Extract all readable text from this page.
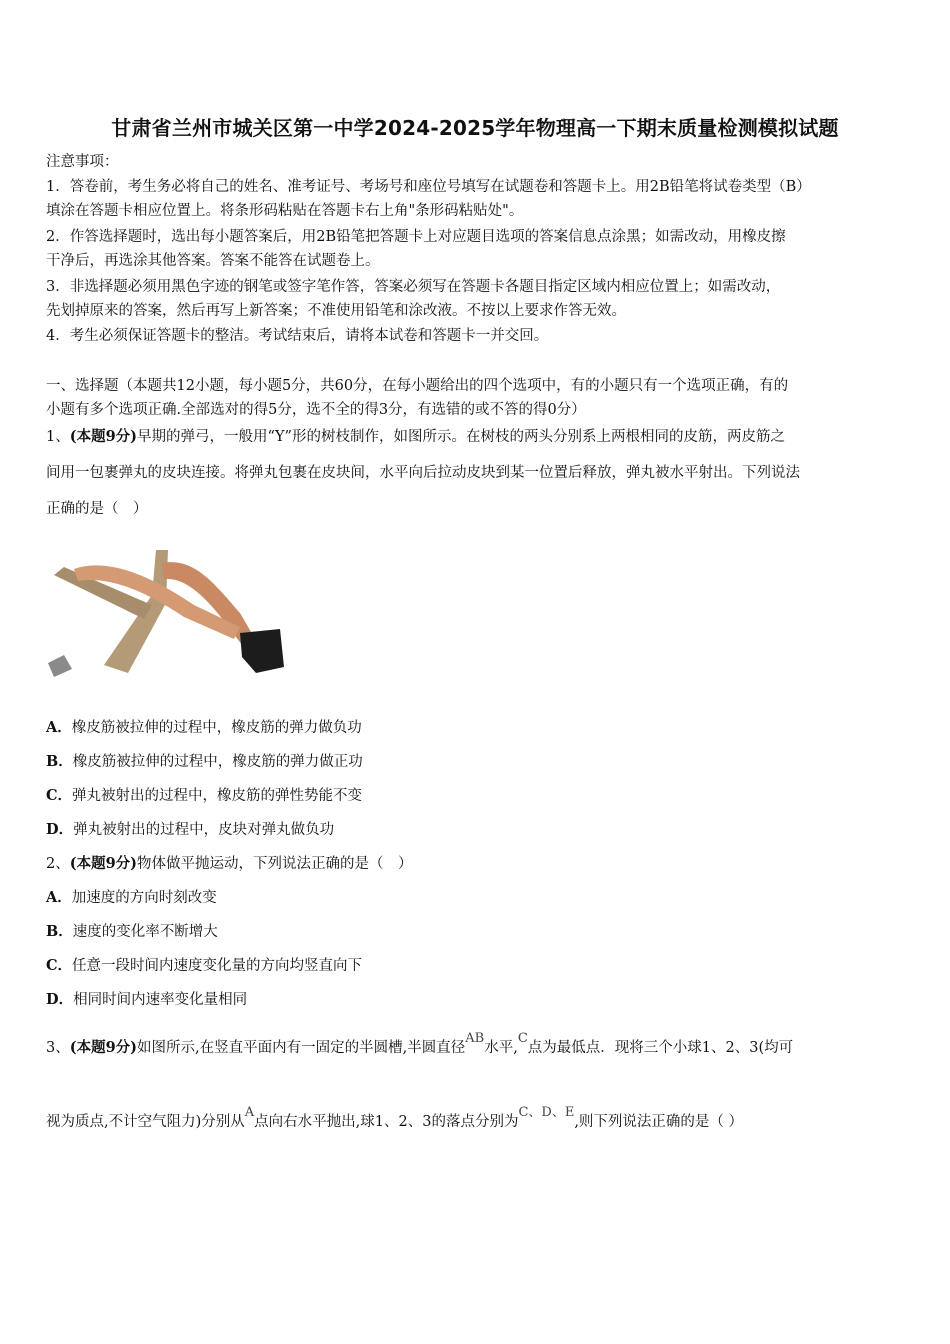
甘肃省兰州市城关区第一中学2024-2025学年物理高一下期末质量检测模拟试题
注意事项：
1．答卷前，考生务必将自己的姓名、准考证号、考场号和座位号填写在试题卷和答题卡上。用2B铅笔将试卷类型（B）
填涂在答题卡相应位置上。将条形码粘贴在答题卡右上角"条形码粘贴处"。
2．作答选择题时，选出每小题答案后，用2B铅笔把答题卡上对应题目选项的答案信息点涂黑；如需改动，用橡皮擦
干净后，再选涂其他答案。答案不能答在试题卷上。
3．非选择题必须用黑色字迹的钢笔或签字笔作答，答案必须写在答题卡各题目指定区域内相应位置上；如需改动，
先划掉原来的答案，然后再写上新答案；不准使用铅笔和涂改液。不按以上要求作答无效。
4．考生必须保证答题卡的整洁。考试结束后，请将本试卷和答题卡一并交回。
一、选择题（本题共12小题，每小题5分，共60分，在每小题给出的四个选项中，有的小题只有一个选项正确，有的
小题有多个选项正确.全部选对的得5分，选不全的得3分，有选错的或不答的得0分）
1、(本题9分)早期的弹弓，一般用“Y”形的树枝制作，如图所示。在树枝的两头分别系上两根相同的皮筋，两皮筋之
间用一包裹弹丸的皮块连接。将弹丸包裹在皮块间，水平向后拉动皮块到某一位置后释放，弹丸被水平射出。下列说法
正确的是（　）
A．橡皮筋被拉伸的过程中，橡皮筋的弹力做负功
B．橡皮筋被拉伸的过程中，橡皮筋的弹力做正功
C．弹丸被射出的过程中，橡皮筋的弹性势能不变
D．弹丸被射出的过程中，皮块对弹丸做负功
2、(本题9分)物体做平抛运动，下列说法正确的是（　）
A．加速度的方向时刻改变
B．速度的变化率不断增大
C．任意一段时间内速度变化量的方向均竖直向下
D．相同时间内速率变化量相同
3、(本题9分)如图所示,在竖直平面内有一固定的半圆槽,半圆直径AB水平,C点为最低点．现将三个小球1、2、3(均可
视为质点,不计空气阻力)分别从A点向右水平抛出,球1、2、3的落点分别为C、D、E,则下列说法正确的是（ ）
